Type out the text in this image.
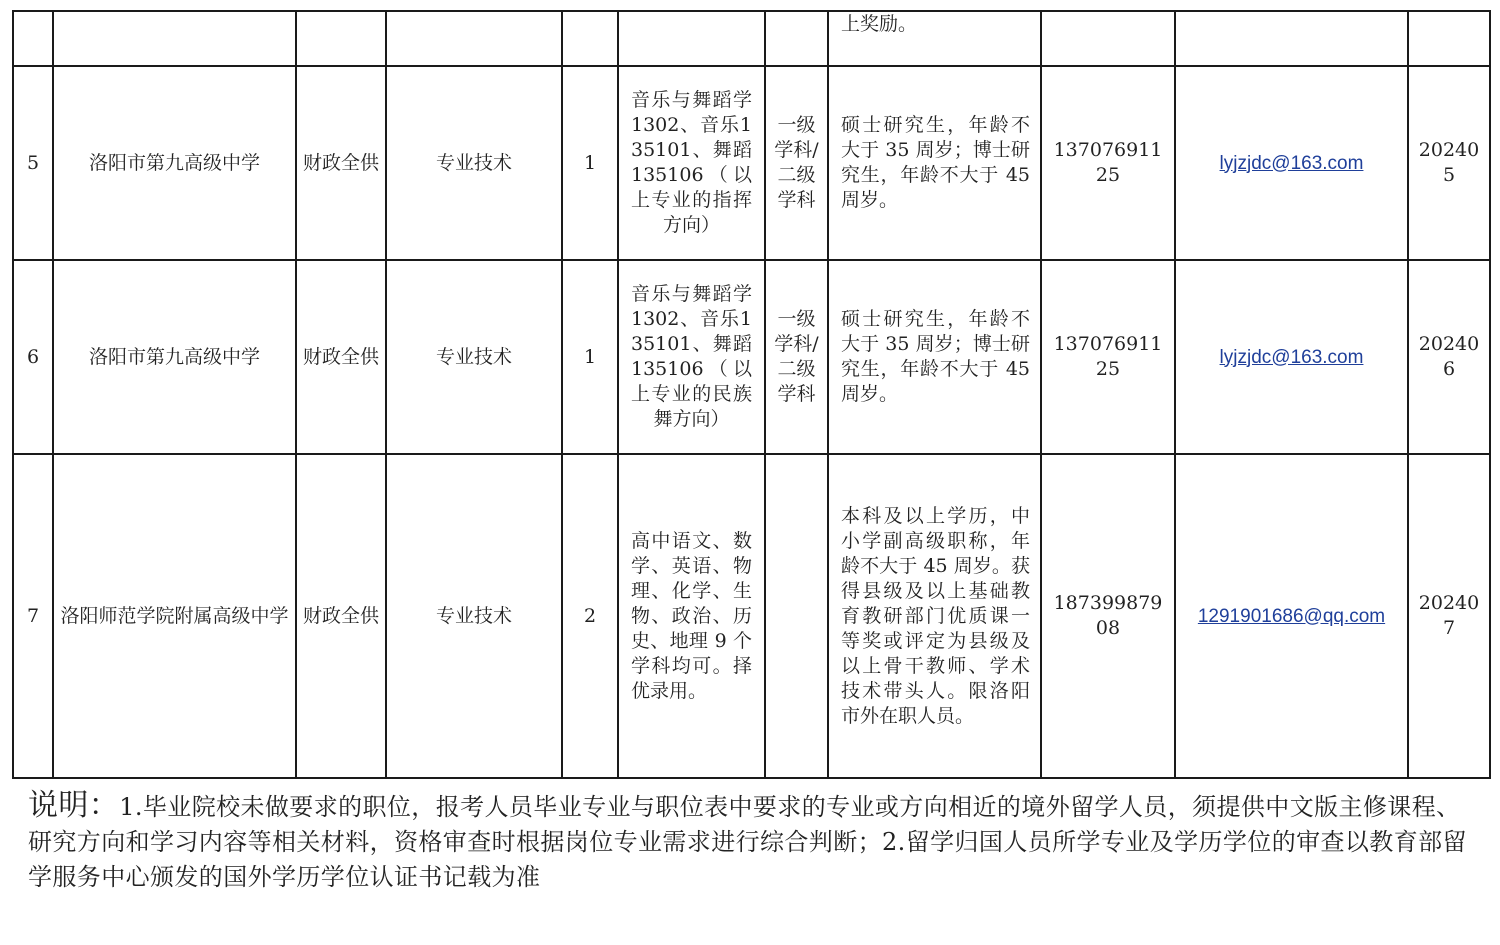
							上奖励。			
5	洛阳市第九高级中学	财政全供	专业技术	1	音乐与舞蹈学1302、音乐135101、舞蹈135106（以上专业的指挥方向）	一级学科/二级学科	硕士研究生，年龄不大于 35 周岁；博士研究生，年龄不大于 45 周岁。	13707691125	lyjzjdc@163.com	202405
6	洛阳市第九高级中学	财政全供	专业技术	1	音乐与舞蹈学1302、音乐135101、舞蹈135106（以上专业的民族舞方向）	一级学科/二级学科	硕士研究生，年龄不大于 35 周岁；博士研究生，年龄不大于 45 周岁。	13707691125	lyjzjdc@163.com	202406
7	洛阳师范学院附属高级中学	财政全供	专业技术	2	高中语文、数学、英语、物理、化学、生物、政治、历史、地理 9 个学科均可。择优录用。		本科及以上学历，中小学副高级职称，年龄不大于 45 周岁。获得县级及以上基础教育教研部门优质课一等奖或评定为县级及以上骨干教师、学术技术带头人。限洛阳市外在职人员。	18739987908	1291901686@qq.com	202407

说明：1.毕业院校未做要求的职位，报考人员毕业专业与职位表中要求的专业或方向相近的境外留学人员，须提供中文版主修课程、研究方向和学习内容等相关材料，资格审查时根据岗位专业需求进行综合判断；2.留学归国人员所学专业及学历学位的审查以教育部留学服务中心颁发的国外学历学位认证书记载为准
